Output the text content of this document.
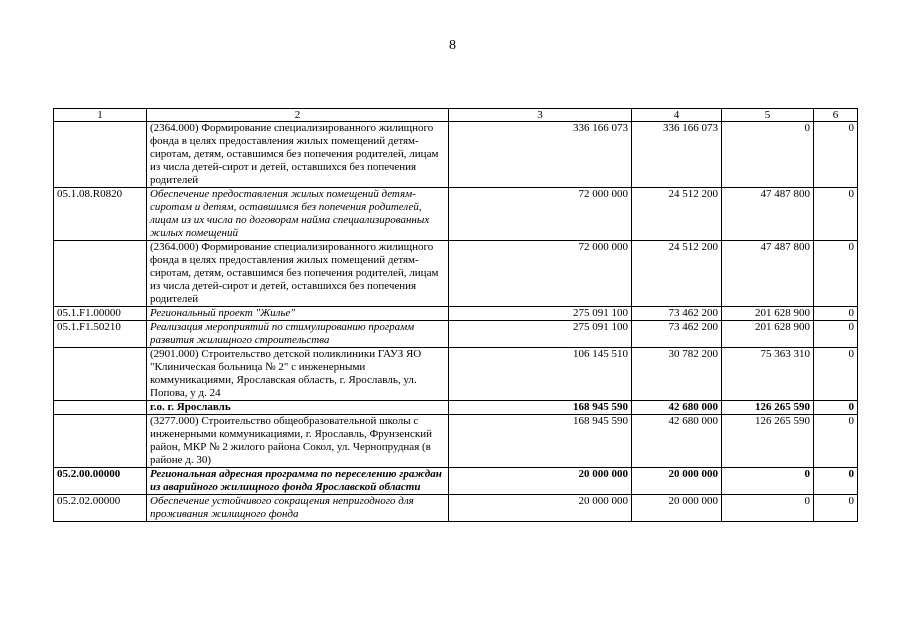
8
1	2	3	4	5	6
	(2364.000) Формирование специализированного жилищного фонда в целях предоставления жилых помещений детям-сиротам, детям, оставшимся без попечения родителей, лицам из числа детей-сирот и детей, оставшихся без попечения родителей	336 166 073	336 166 073	0	0
05.1.08.R0820	Обеспечение предоставления жилых помещений детям-сиротам и детям, оставшимся без попечения родителей, лицам из их числа по договорам найма специализированных жилых помещений	72 000 000	24 512 200	47 487 800	0
	(2364.000) Формирование специализированного жилищного фонда в целях предоставления жилых помещений детям-сиротам, детям, оставшимся без попечения родителей, лицам из числа детей-сирот и детей, оставшихся без попечения родителей	72 000 000	24 512 200	47 487 800	0
05.1.F1.00000	Региональный проект "Жилье"	275 091 100	73 462 200	201 628 900	0
05.1.F1.50210	Реализация мероприятий по стимулированию программ развития жилищного строительства	275 091 100	73 462 200	201 628 900	0
	(2901.000) Строительство детской поликлиники ГАУЗ ЯО "Клиническая больница № 2" с инженерными коммуникациями, Ярославская область, г. Ярославль, ул. Попова, у д. 24	106 145 510	30 782 200	75 363 310	0
	г.о. г. Ярославль	168 945 590	42 680 000	126 265 590	0
	(3277.000) Строительство общеобразовательной школы с инженерными коммуникациями, г. Ярославль, Фрунзенский район, МКР № 2 жилого района Сокол, ул. Чернопрудная (в районе д. 30)	168 945 590	42 680 000	126 265 590	0
05.2.00.00000	Региональная адресная программа по переселению граждан из аварийного жилищного фонда Ярославской области	20 000 000	20 000 000	0	0
05.2.02.00000	Обеспечение устойчивого сокращения непригодного для проживания жилищного фонда	20 000 000	20 000 000	0	0
